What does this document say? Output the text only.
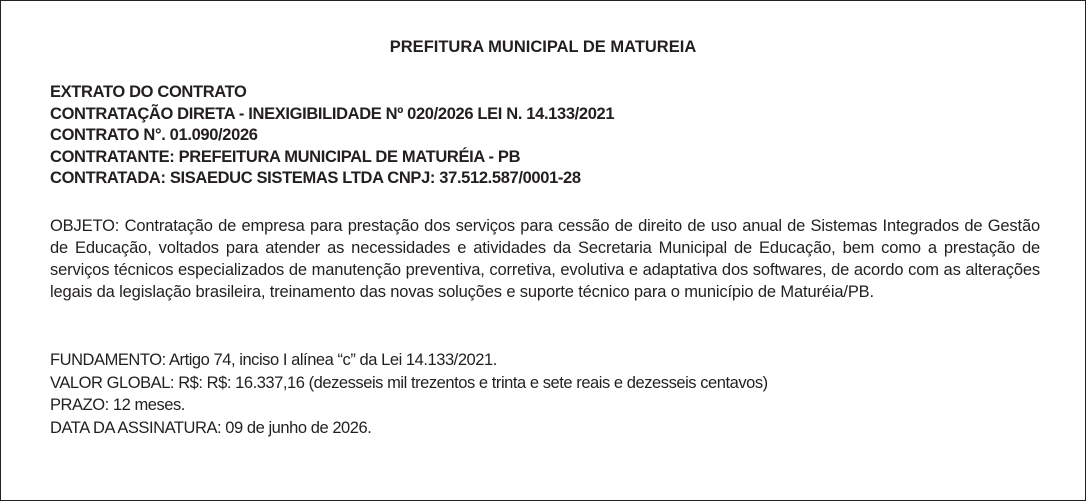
PREFITURA MUNICIPAL DE MATUREIA
EXTRATO DO CONTRATO
CONTRATAÇÃO DIRETA - INEXIGIBILIDADE Nº 020/2026 LEI N. 14.133/2021
CONTRATO N°. 01.090/2026
CONTRATANTE: PREFEITURA MUNICIPAL DE MATURÉIA - PB
CONTRATADA: SISAEDUC SISTEMAS LTDA CNPJ: 37.512.587/0001-28
OBJETO: Contratação de empresa para prestação dos serviços para cessão de direito de uso anual de Sistemas Integrados de Gestão de Educação, voltados para atender as necessidades e atividades da Secretaria Municipal de Educação, bem como a prestação de serviços técnicos especializados de manutenção preventiva, corretiva, evolutiva e adaptativa dos softwares, de acordo com as alterações legais da legislação brasileira, treinamento das novas soluções e suporte técnico para o município de Maturéia/PB.
FUNDAMENTO: Artigo 74, inciso I alínea “c” da Lei 14.133/2021.
VALOR GLOBAL: R$: R$: 16.337,16 (dezesseis mil trezentos e trinta e sete reais e dezesseis centavos)
PRAZO: 12 meses.
DATA DA ASSINATURA: 09 de junho de 2026.
